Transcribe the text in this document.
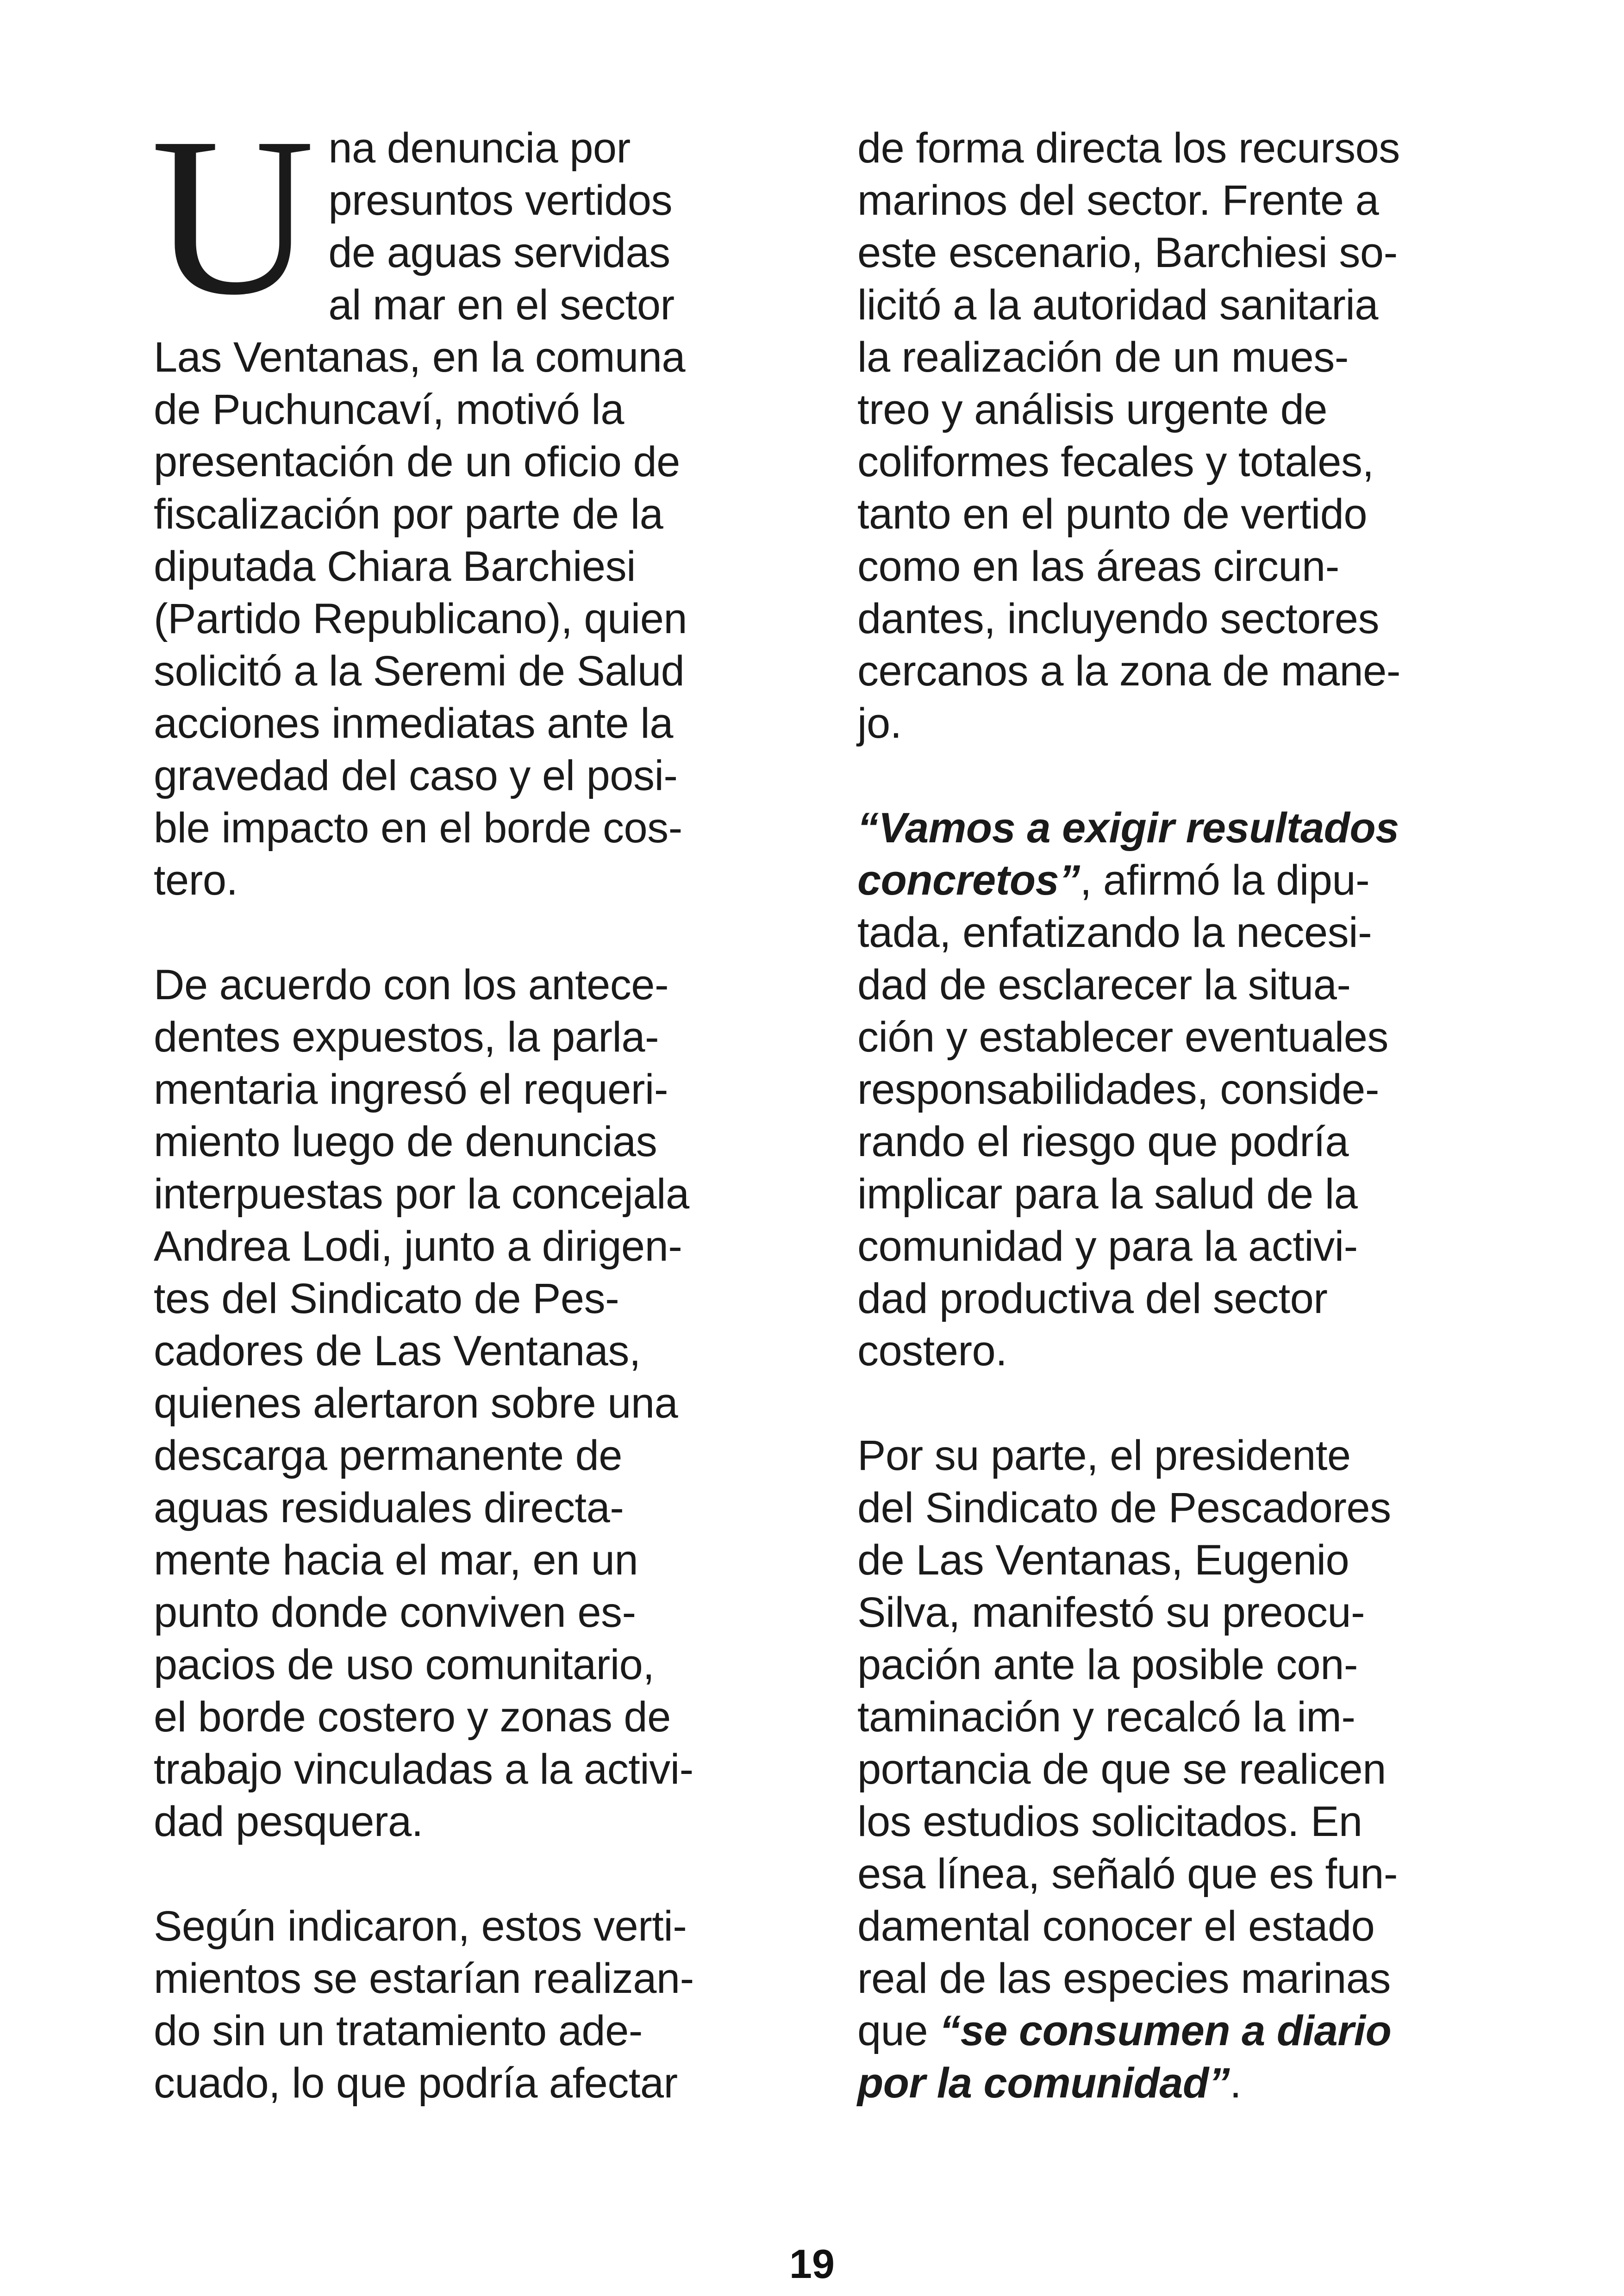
Una denuncia por
presuntos vertidos
de aguas servidas
al mar en el sector
Las Ventanas, en la comuna
de Puchuncaví, motivó la
presentación de un oficio de
fiscalización por parte de la
diputada Chiara Barchiesi
(Partido Republicano), quien
solicitó a la Seremi de Salud
acciones inmediatas ante la
gravedad del caso y el posi-
ble impacto en el borde cos-
tero.

De acuerdo con los antece-
dentes expuestos, la parla-
mentaria ingresó el requeri-
miento luego de denuncias
interpuestas por la concejala
Andrea Lodi, junto a dirigen-
tes del Sindicato de Pes-
cadores de Las Ventanas,
quienes alertaron sobre una
descarga permanente de
aguas residuales directa-
mente hacia el mar, en un
punto donde conviven es-
pacios de uso comunitario,
el borde costero y zonas de
trabajo vinculadas a la activi-
dad pesquera.

Según indicaron, estos verti-
mientos se estarían realizan-
do sin un tratamiento ade-
cuado, lo que podría afectar

de forma directa los recursos
marinos del sector. Frente a
este escenario, Barchiesi so-
licitó a la autoridad sanitaria
la realización de un mues-
treo y análisis urgente de
coliformes fecales y totales,
tanto en el punto de vertido
como en las áreas circun-
dantes, incluyendo sectores
cercanos a la zona de mane-
jo.

“Vamos a exigir resultados
concretos”, afirmó la dipu-
tada, enfatizando la necesi-
dad de esclarecer la situa-
ción y establecer eventuales
responsabilidades, conside-
rando el riesgo que podría
implicar para la salud de la
comunidad y para la activi-
dad productiva del sector
costero.

Por su parte, el presidente
del Sindicato de Pescadores
de Las Ventanas, Eugenio
Silva, manifestó su preocu-
pación ante la posible con-
taminación y recalcó la im-
portancia de que se realicen
los estudios solicitados. En
esa línea, señaló que es fun-
damental conocer el estado
real de las especies marinas
que “se consumen a diario
por la comunidad”.

19
